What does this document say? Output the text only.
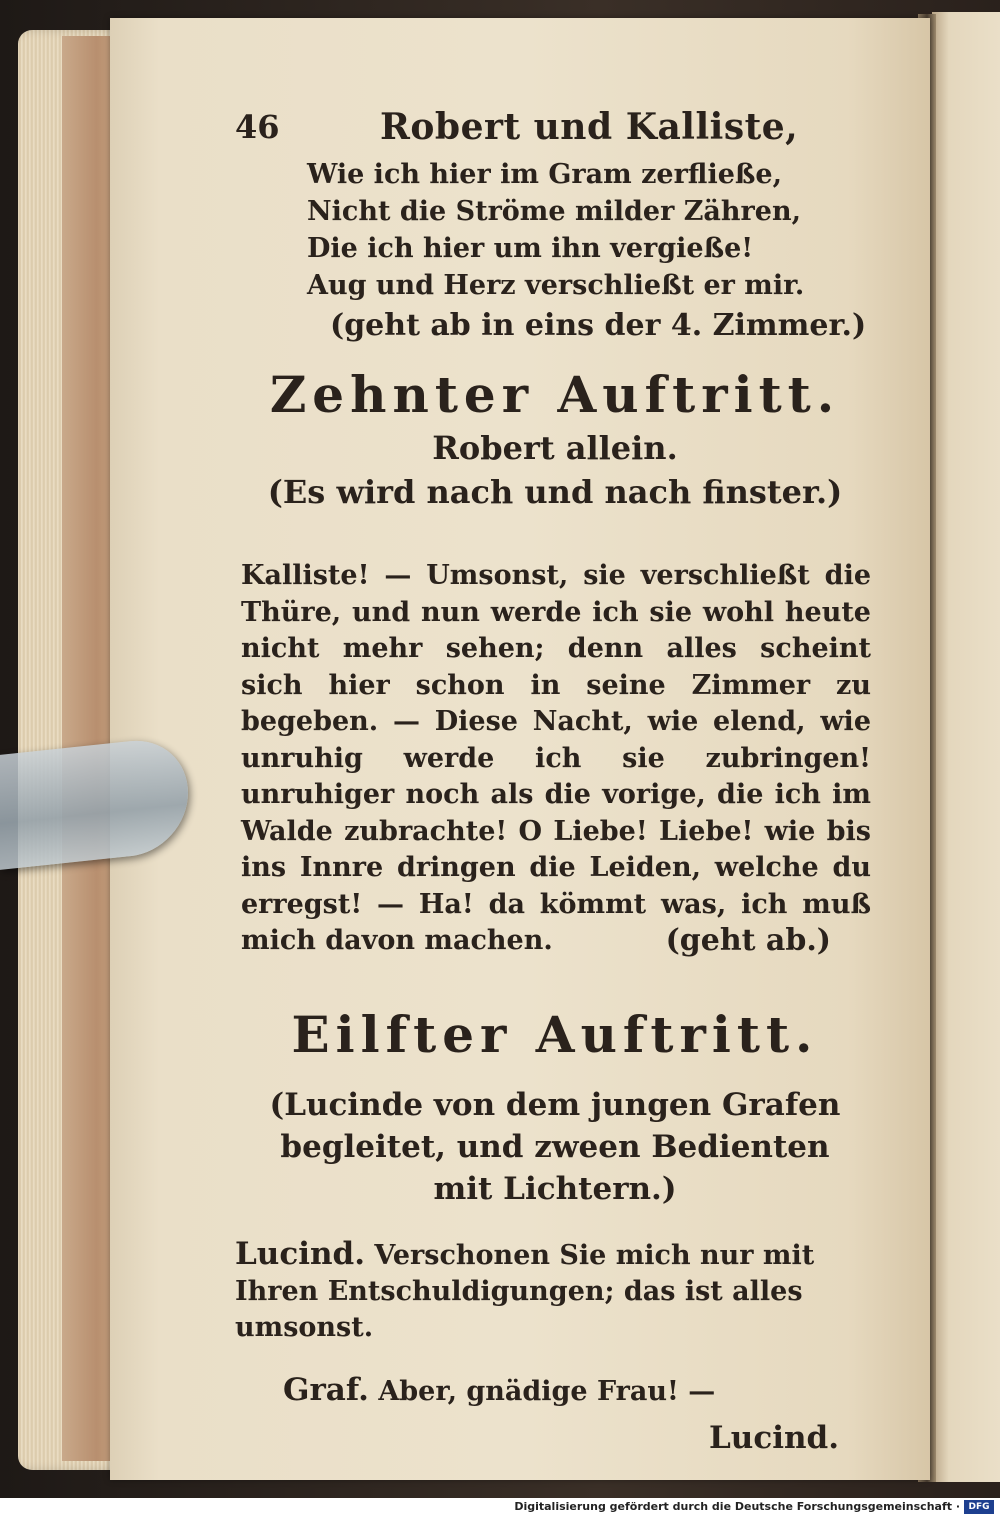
46	Robert und Kalliste,
Wie ich hier im Gram zerfließe,
Nicht die Ströme milder Zähren,
Die ich hier um ihn vergieße!
Aug und Herz verschließt er mir.
(geht ab in eins der 4. Zimmer.)
Zehnter Auftritt.
Robert allein.
(Es wird nach und nach finster.)
Kalliste! — Umsonst, sie verschließt die Thüre, und nun werde ich sie wohl heute nicht mehr sehen; denn alles scheint sich hier schon in seine Zimmer zu begeben. — Diese Nacht, wie elend, wie unruhig werde ich sie zubringen! unruhiger noch als die vorige, die ich im Walde zubrachte! O Liebe! Liebe! wie bis ins Innre dringen die Leiden, welche du erregst! — Ha! da kömmt was, ich muß mich davon machen.	(geht ab.)
Eilfter Auftritt.
(Lucinde von dem jungen Grafen begleitet, und zween Bedienten mit Lichtern.)
Lucind. Verschonen Sie mich nur mit Ihren Entschuldigungen; das ist alles umsonst.
Graf. Aber, gnädige Frau! —
Lucind.
Digitalisierung gefördert durch die Deutsche Forschungsgemeinschaft · DFG
